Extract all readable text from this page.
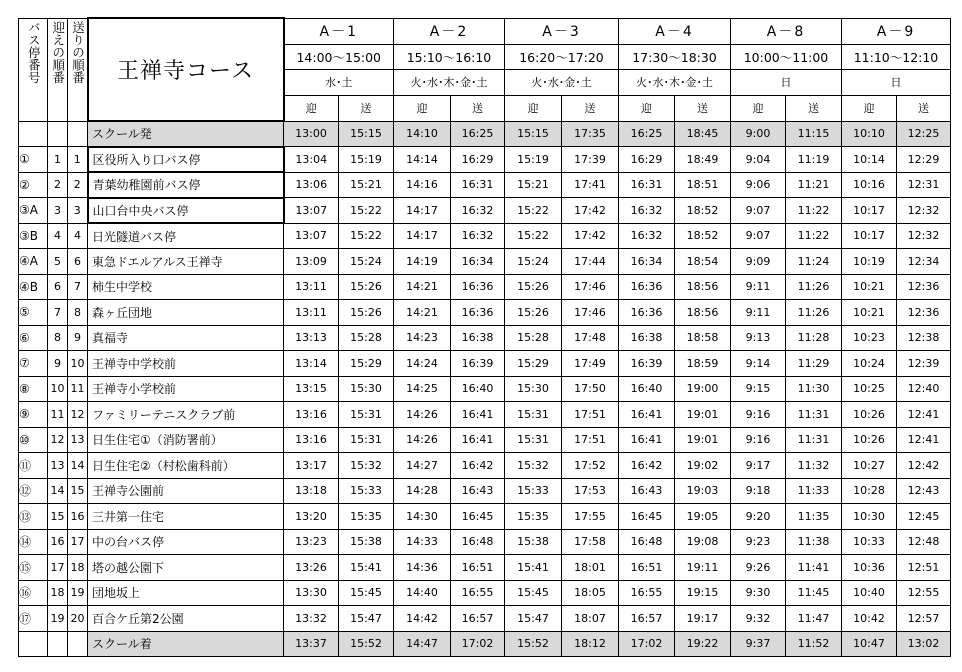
バス停番号	迎えの順番	送りの順番	王禅寺コース	A－1		A－2		A－3		A－4		A－8		A－9	
				14:00～15:00		15:10～16:10		16:20～17:20		17:30～18:30		10:00～11:00		11:10～12:10	
				水･土		火･水･木･金･土		火･水･金･土		火･水･木･金･土		日		日	
				迎	送	迎	送	迎	送	迎	送	迎	送	迎	送
			スクール発	13:00	15:15	14:10	16:25	15:15	17:35	16:25	18:45	9:00	11:15	10:10	12:25
①	1	1	区役所入り口バス停	13:04	15:19	14:14	16:29	15:19	17:39	16:29	18:49	9:04	11:19	10:14	12:29
②	2	2	青葉幼稚園前バス停	13:06	15:21	14:16	16:31	15:21	17:41	16:31	18:51	9:06	11:21	10:16	12:31
③A	3	3	山口台中央バス停	13:07	15:22	14:17	16:32	15:22	17:42	16:32	18:52	9:07	11:22	10:17	12:32
③B	4	4	日光隧道バス停	13:07	15:22	14:17	16:32	15:22	17:42	16:32	18:52	9:07	11:22	10:17	12:32
④A	5	6	東急ドエルアルス王禅寺	13:09	15:24	14:19	16:34	15:24	17:44	16:34	18:54	9:09	11:24	10:19	12:34
④B	6	7	柿生中学校	13:11	15:26	14:21	16:36	15:26	17:46	16:36	18:56	9:11	11:26	10:21	12:36
⑤	7	8	森ヶ丘団地	13:11	15:26	14:21	16:36	15:26	17:46	16:36	18:56	9:11	11:26	10:21	12:36
⑥	8	9	真福寺	13:13	15:28	14:23	16:38	15:28	17:48	16:38	18:58	9:13	11:28	10:23	12:38
⑦	9	10	王禅寺中学校前	13:14	15:29	14:24	16:39	15:29	17:49	16:39	18:59	9:14	11:29	10:24	12:39
⑧	10	11	王禅寺小学校前	13:15	15:30	14:25	16:40	15:30	17:50	16:40	19:00	9:15	11:30	10:25	12:40
⑨	11	12	ファミリーテニスクラブ前	13:16	15:31	14:26	16:41	15:31	17:51	16:41	19:01	9:16	11:31	10:26	12:41
⑩	12	13	日生住宅①（消防署前）	13:16	15:31	14:26	16:41	15:31	17:51	16:41	19:01	9:16	11:31	10:26	12:41
⑪	13	14	日生住宅②（村松歯科前）	13:17	15:32	14:27	16:42	15:32	17:52	16:42	19:02	9:17	11:32	10:27	12:42
⑫	14	15	王禅寺公園前	13:18	15:33	14:28	16:43	15:33	17:53	16:43	19:03	9:18	11:33	10:28	12:43
⑬	15	16	三井第一住宅	13:20	15:35	14:30	16:45	15:35	17:55	16:45	19:05	9:20	11:35	10:30	12:45
⑭	16	17	中の台バス停	13:23	15:38	14:33	16:48	15:38	17:58	16:48	19:08	9:23	11:38	10:33	12:48
⑮	17	18	塔の越公園下	13:26	15:41	14:36	16:51	15:41	18:01	16:51	19:11	9:26	11:41	10:36	12:51
⑯	18	19	団地坂上	13:30	15:45	14:40	16:55	15:45	18:05	16:55	19:15	9:30	11:45	10:40	12:55
⑰	19	20	百合ケ丘第2公園	13:32	15:47	14:42	16:57	15:47	18:07	16:57	19:17	9:32	11:47	10:42	12:57
			スクール着	13:37	15:52	14:47	17:02	15:52	18:12	17:02	19:22	9:37	11:52	10:47	13:02
